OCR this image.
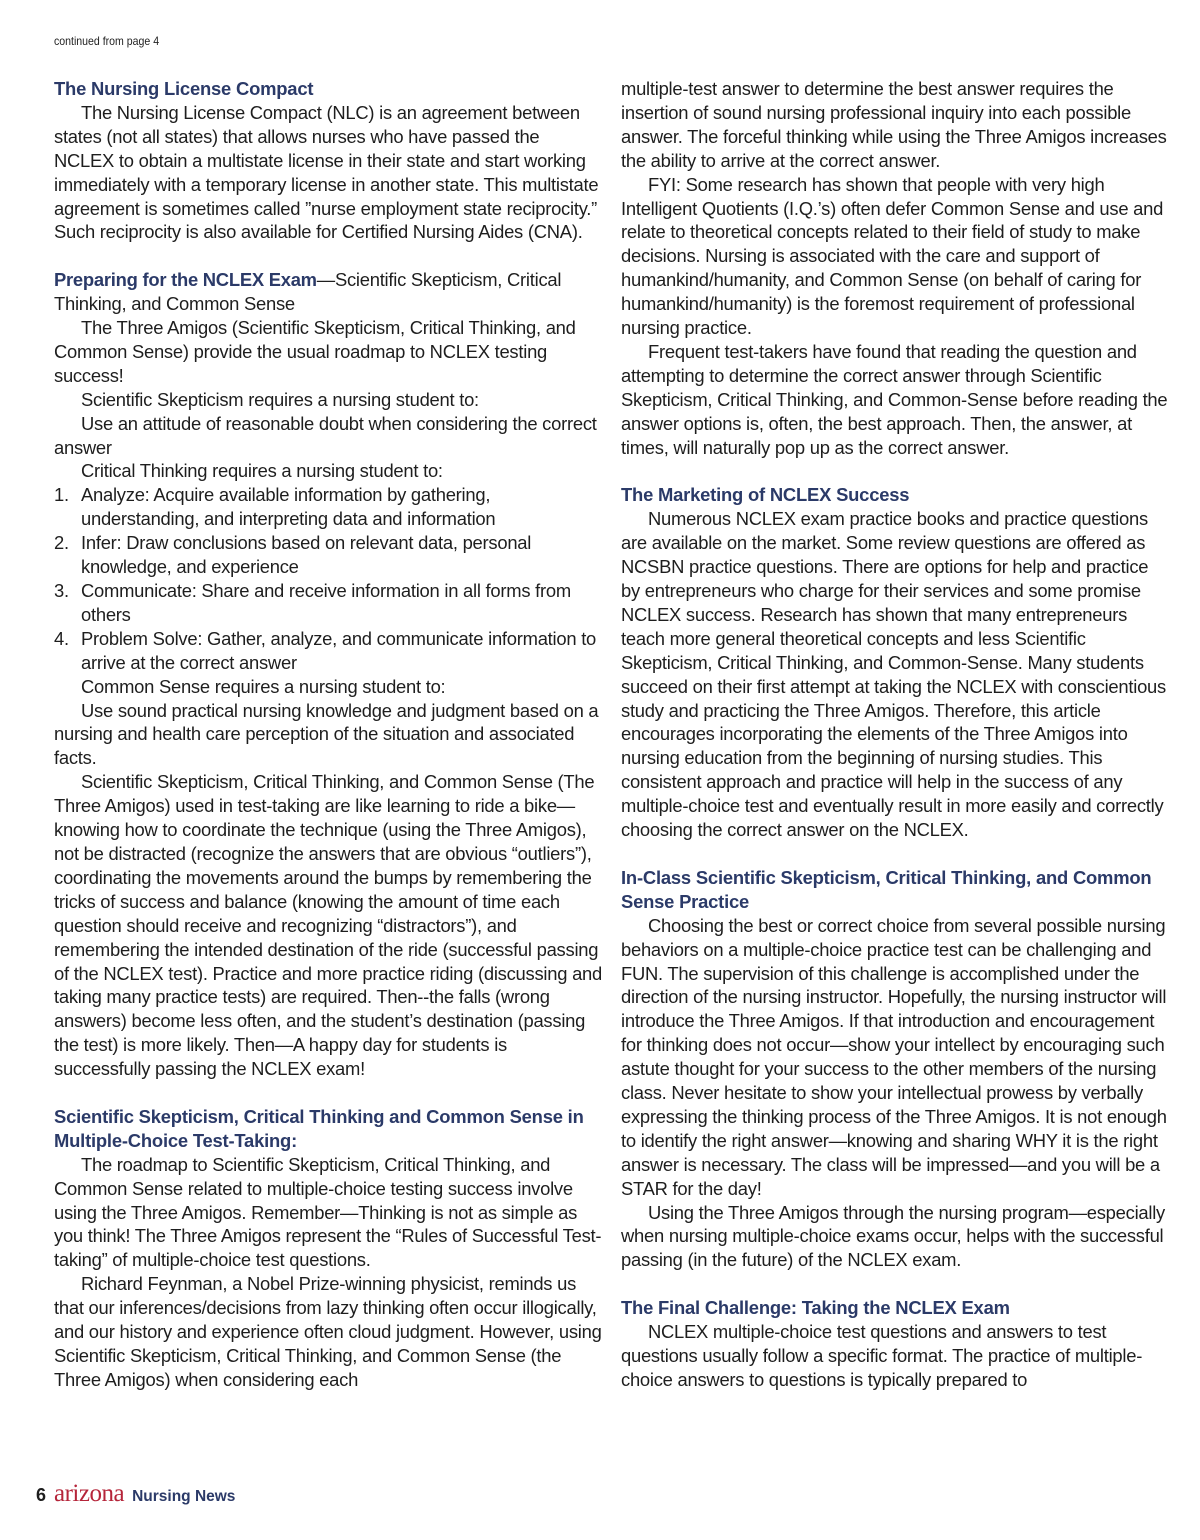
continued from page 4
The Nursing License Compact

The Nursing License Compact (NLC) is an agreement between states (not all states) that allows nurses who have passed the NCLEX to obtain a multistate license in their state and start working immediately with a temporary license in another state. This multistate agreement is sometimes called ”nurse employment state reciprocity.” Such reciprocity is also available for Certified Nursing Aides (CNA).

Preparing for the NCLEX Exam—Scientific Skepticism, Critical Thinking, and Common Sense

The Three Amigos (Scientific Skepticism, Critical Thinking, and Common Sense) provide the usual roadmap to NCLEX testing success!

Scientific Skepticism requires a nursing student to:

Use an attitude of reasonable doubt when considering the correct answer

Critical Thinking requires a nursing student to:

1. Analyze: Acquire available information by gathering, understanding, and interpreting data and information
2. Infer: Draw conclusions based on relevant data, personal knowledge, and experience
3. Communicate: Share and receive information in all forms from others
4. Problem Solve: Gather, analyze, and communicate information to arrive at the correct answer

Common Sense requires a nursing student to:

Use sound practical nursing knowledge and judgment based on a nursing and health care perception of the situation and associated facts.

Scientific Skepticism, Critical Thinking, and Common Sense (The Three Amigos) used in test-taking are like learning to ride a bike—knowing how to coordinate the technique (using the Three Amigos), not be distracted (recognize the answers that are obvious “outliers”), coordinating the movements around the bumps by remembering the tricks of success and balance (knowing the amount of time each question should receive and recognizing “distractors”), and remembering the intended destination of the ride (successful passing of the NCLEX test). Practice and more practice riding (discussing and taking many practice tests) are required. Then--the falls (wrong answers) become less often, and the student’s destination (passing the test) is more likely. Then—A happy day for students is successfully passing the NCLEX exam!

Scientific Skepticism, Critical Thinking and Common Sense in Multiple-Choice Test-Taking:

The roadmap to Scientific Skepticism, Critical Thinking, and Common Sense related to multiple-choice testing success involve using the Three Amigos. Remember—Thinking is not as simple as you think! The Three Amigos represent the “Rules of Successful Test-taking” of multiple-choice test questions.

Richard Feynman, a Nobel Prize-winning physicist, reminds us that our inferences/decisions from lazy thinking often occur illogically, and our history and experience often cloud judgment. However, using Scientific Skepticism, Critical Thinking, and Common Sense (the Three Amigos) when considering each

multiple-test answer to determine the best answer requires the insertion of sound nursing professional inquiry into each possible answer. The forceful thinking while using the Three Amigos increases the ability to arrive at the correct answer.

FYI: Some research has shown that people with very high Intelligent Quotients (I.Q.’s) often defer Common Sense and use and relate to theoretical concepts related to their field of study to make decisions. Nursing is associated with the care and support of humankind/humanity, and Common Sense (on behalf of caring for humankind/humanity) is the foremost requirement of professional nursing practice.

Frequent test-takers have found that reading the question and attempting to determine the correct answer through Scientific Skepticism, Critical Thinking, and Common-Sense before reading the answer options is, often, the best approach. Then, the answer, at times, will naturally pop up as the correct answer.

The Marketing of NCLEX Success

Numerous NCLEX exam practice books and practice questions are available on the market. Some review questions are offered as NCSBN practice questions. There are options for help and practice by entrepreneurs who charge for their services and some promise NCLEX success. Research has shown that many entrepreneurs teach more general theoretical concepts and less Scientific Skepticism, Critical Thinking, and Common-Sense. Many students succeed on their first attempt at taking the NCLEX with conscientious study and practicing the Three Amigos. Therefore, this article encourages incorporating the elements of the Three Amigos into nursing education from the beginning of nursing studies. This consistent approach and practice will help in the success of any multiple-choice test and eventually result in more easily and correctly choosing the correct answer on the NCLEX.

In-Class Scientific Skepticism, Critical Thinking, and Common Sense Practice

Choosing the best or correct choice from several possible nursing behaviors on a multiple-choice practice test can be challenging and FUN. The supervision of this challenge is accomplished under the direction of the nursing instructor. Hopefully, the nursing instructor will introduce the Three Amigos. If that introduction and encouragement for thinking does not occur—show your intellect by encouraging such astute thought for your success to the other members of the nursing class. Never hesitate to show your intellectual prowess by verbally expressing the thinking process of the Three Amigos. It is not enough to identify the right answer—knowing and sharing WHY it is the right answer is necessary. The class will be impressed—and you will be a STAR for the day!

Using the Three Amigos through the nursing program—especially when nursing multiple-choice exams occur, helps with the successful passing (in the future) of the NCLEX exam.

The Final Challenge: Taking the NCLEX Exam

NCLEX multiple-choice test questions and answers to test questions usually follow a specific format. The practice of multiple-choice answers to questions is typically prepared to

6 arizona Nursing News
